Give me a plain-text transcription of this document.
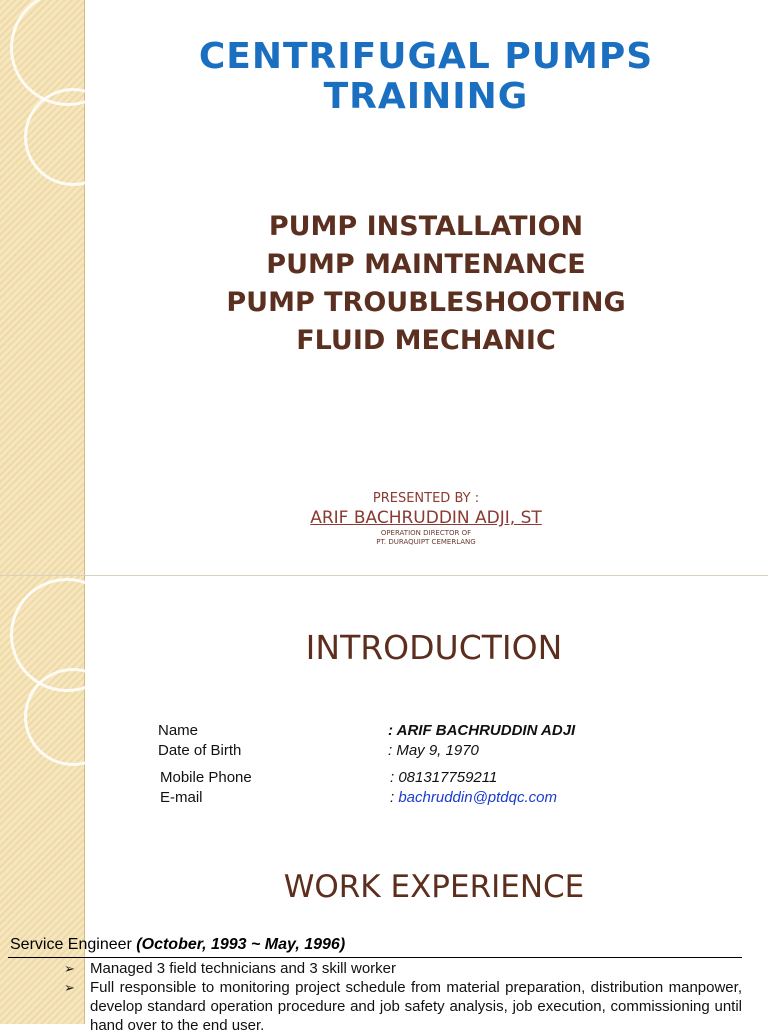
CENTRIFUGAL PUMPS
TRAINING
PUMP INSTALLATION
PUMP MAINTENANCE
PUMP TROUBLESHOOTING
FLUID MECHANIC
PRESENTED BY :
ARIF BACHRUDDIN ADJI, ST
OPERATION DIRECTOR OF
PT. DURAQUIPT CEMERLANG
INTRODUCTION
Name	: ARIF BACHRUDDIN ADJI
Date of Birth	: May 9, 1970
Mobile Phone	: 081317759211
E-mail	: bachruddin@ptdqc.com
WORK EXPERIENCE
Service Engineer (October, 1993 ~ May, 1996)
➢ Managed 3 field technicians and 3 skill worker
➢ Full responsible to monitoring project schedule from material preparation, distribution manpower, develop standard operation procedure and job safety analysis, job execution, commissioning until hand over to the end user.
